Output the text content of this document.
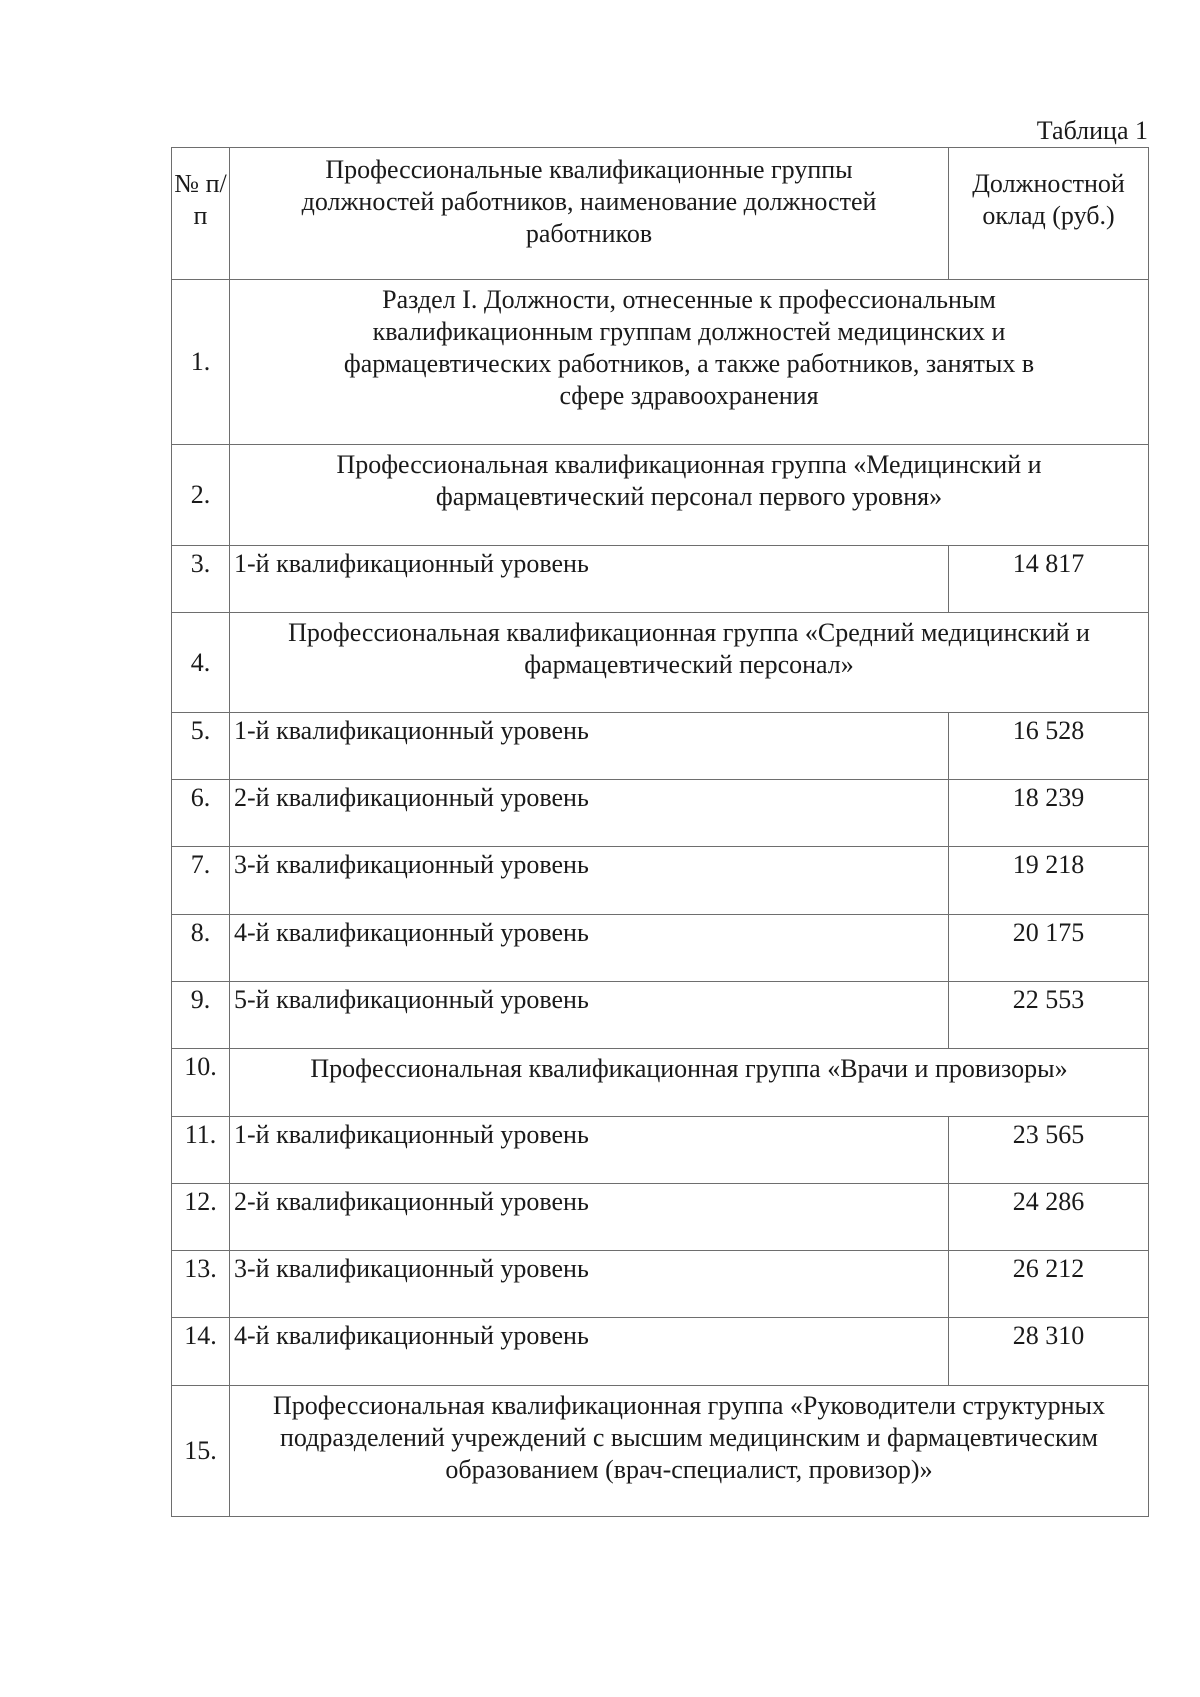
Таблица 1
№ п/п	Профессиональные квалификационные группы должностей работников, наименование должностей работников	Должностной оклад (руб.)
1.	Раздел I. Должности, отнесенные к профессиональным квалификационным группам должностей медицинских и фармацевтических работников, а также работников, занятых в сфере здравоохранения	
2.	Профессиональная квалификационная группа «Медицинский и фармацевтический персонал первого уровня»	
3.	1-й квалификационный уровень	14 817
4.	Профессиональная квалификационная группа «Средний медицинский и фармацевтический персонал»	
5.	1-й квалификационный уровень	16 528
6.	2-й квалификационный уровень	18 239
7.	3-й квалификационный уровень	19 218
8.	4-й квалификационный уровень	20 175
9.	5-й квалификационный уровень	22 553
10.	Профессиональная квалификационная группа «Врачи и провизоры»	
11.	1-й квалификационный уровень	23 565
12.	2-й квалификационный уровень	24 286
13.	3-й квалификационный уровень	26 212
14.	4-й квалификационный уровень	28 310
15.	Профессиональная квалификационная группа «Руководители структурных подразделений учреждений с высшим медицинским и фармацевтическим образованием (врач-специалист, провизор)»	
